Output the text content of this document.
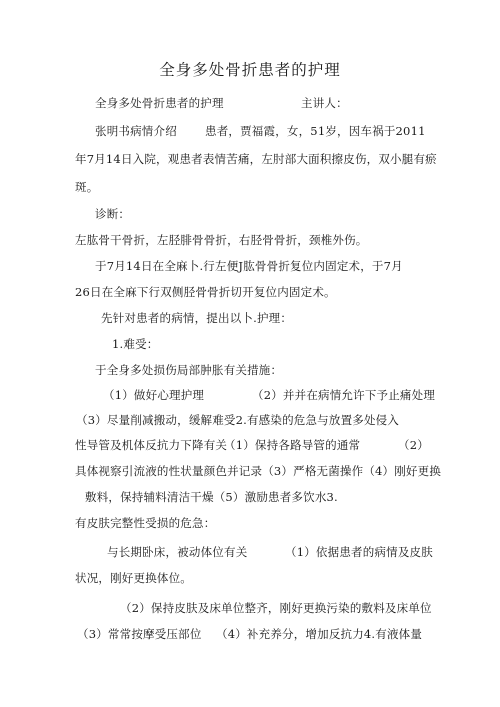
全身多处骨折患者的护理
全身多处骨折患者的护理	主讲人：
张明书病情介绍 患者，贾福霞，女，51岁，因车祸于2011
年7月14日入院，观患者表情苦痛，左肘部大面积擦皮伤，双小腿有瘀
斑。
诊断：
左肱骨干骨折，左胫腓骨骨折，右胫骨骨折，颈椎外伤。
于7月14日在全麻卜.行左便J肱骨骨折复位内固定术，于7月
26日在全麻下行双侧胫骨骨折切开复位内固定术。
先针对患者的病情，提出以卜.护理：
1.难受：
于全身多处损伤局部肿胀有关措施：
（1）做好心理护理	（2）并并在病情允许下予止痛处理
（3）尽量削减搬动，缓解难受2.有感染的危急与放置多处侵入
性导管及机体反抗力下降有关
（1）保持各路导管的通常	（2）
具体视察引流液的性状量颜色并记录（3）严格无菌操作（4）刚好更换
敷料，保持辅料清洁干燥（5）激励患者多饮水3.
有皮肤完整性受损的危急：
与长期卧床，被动体位有关	（1）依据患者的病情及皮肤
状况，刚好更换体位。
（2）保持皮肤及床单位整齐，刚好更换污染的敷料及床单位
（3）常常按摩受压部位 （4）补充养分，增加反抗力4.有液体量
